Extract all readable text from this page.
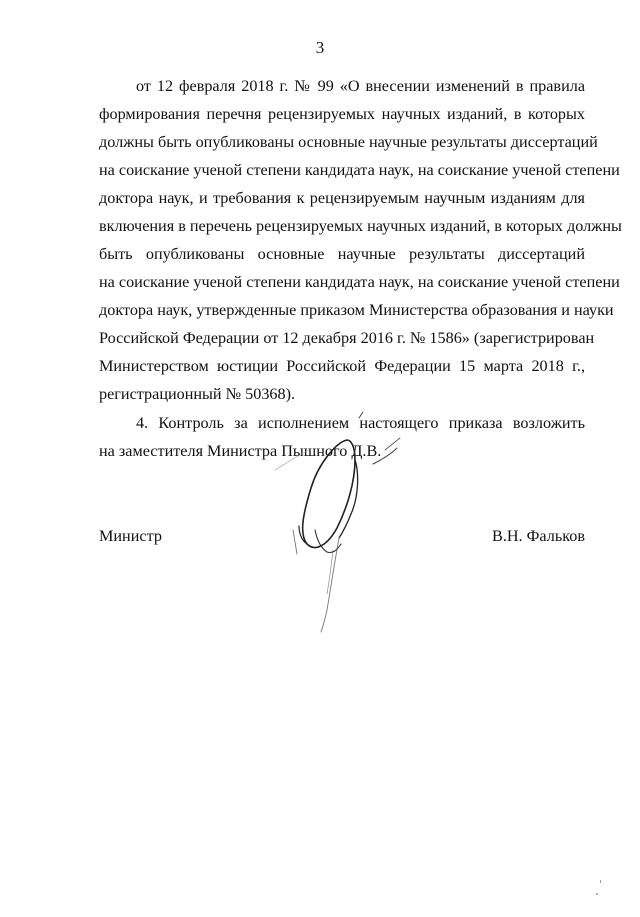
3
от 12 февраля 2018 г. № 99 «О внесении изменений в правила
формирования перечня рецензируемых научных изданий, в которых
должны быть опубликованы основные научные результаты диссертаций
на соискание ученой степени кандидата наук, на соискание ученой степени
доктора наук, и требования к рецензируемым научным изданиям для
включения в перечень рецензируемых научных изданий, в которых должны
быть опубликованы основные научные результаты диссертаций
на соискание ученой степени кандидата наук, на соискание ученой степени
доктора наук, утвержденные приказом Министерства образования и науки
Российской Федерации от 12 декабря 2016 г. № 1586» (зарегистрирован
Министерством юстиции Российской Федерации 15 марта 2018 г.,
регистрационный № 50368).
4. Контроль за исполнением настоящего приказа возложить
на заместителя Министра Пышного Д.В.
Министр	В.Н. Фальков
